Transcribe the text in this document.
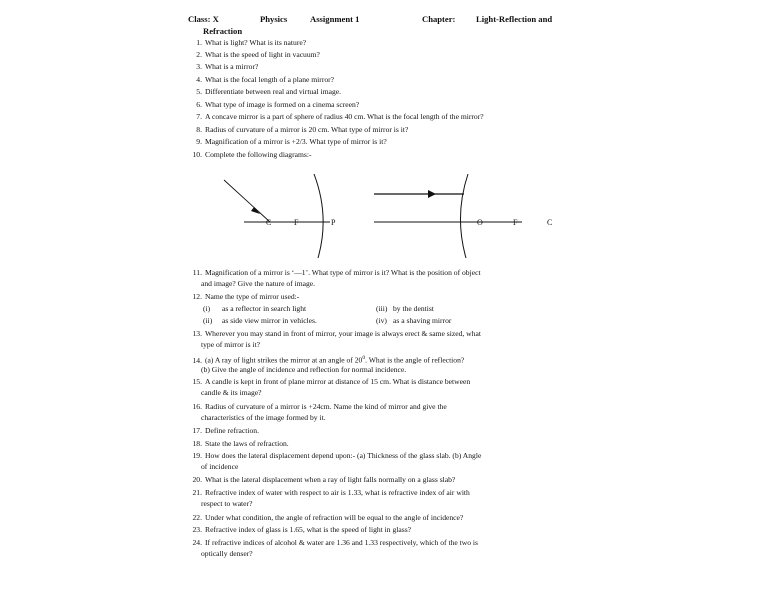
Class: X	Physics	Assignment 1	Chapter: Light-Reflection and
Refraction
1. What is light? What is its nature?
2. What is the speed of light in vacuum?
3. What is a mirror?
4. What is the focal length of a plane mirror?
5. Differentiate between real and virtual image.
6. What type of image is formed on a cinema screen?
7. A concave mirror is a part of sphere of radius 40 cm. What is the focal length of the mirror?
8. Radius of curvature of a mirror is 20 cm. What type of mirror is it?
9. Magnification of a mirror is +2/3. What type of mirror is it?
10. Complete the following diagrams:-
C	F	P	O	F	C
11. Magnification of a mirror is ‘—1’. What type of mirror is it? What is the position of object
and image? Give the nature of image.
12. Name the type of mirror used:-
(i) as a reflector in search light	(iii) by the dentist
(ii) as side view mirror in vehicles.	(iv) as a shaving mirror
13. Wherever you may stand in front of mirror, your image is always erect & same sized, what
type of mirror is it?
14. (a) A ray of light strikes the mirror at an angle of $20^0$. What is the angle of reflection?
(b) Give the angle of incidence and reflection for normal incidence.
15. A candle is kept in front of plane mirror at distance of 15 cm. What is distance between
candle & its image?
16. Radius of curvature of a mirror is +24cm. Name the kind of mirror and give the
characteristics of the image formed by it.
17. Define refraction.
18. State the laws of refraction.
19. How does the lateral displacement depend upon:- (a) Thickness of the glass slab. (b) Angle
of incidence
20. What is the lateral displacement when a ray of light falls normally on a glass slab?
21. Refractive index of water with respect to air is 1.33, what is refractive index of air with
respect to water?
22. Under what condition, the angle of refraction will be equal to the angle of incidence?
23. Refractive index of glass is 1.65, what is the speed of light in glass?
24. If refractive indices of alcohol & water are 1.36 and 1.33 respectively, which of the two is
optically denser?
